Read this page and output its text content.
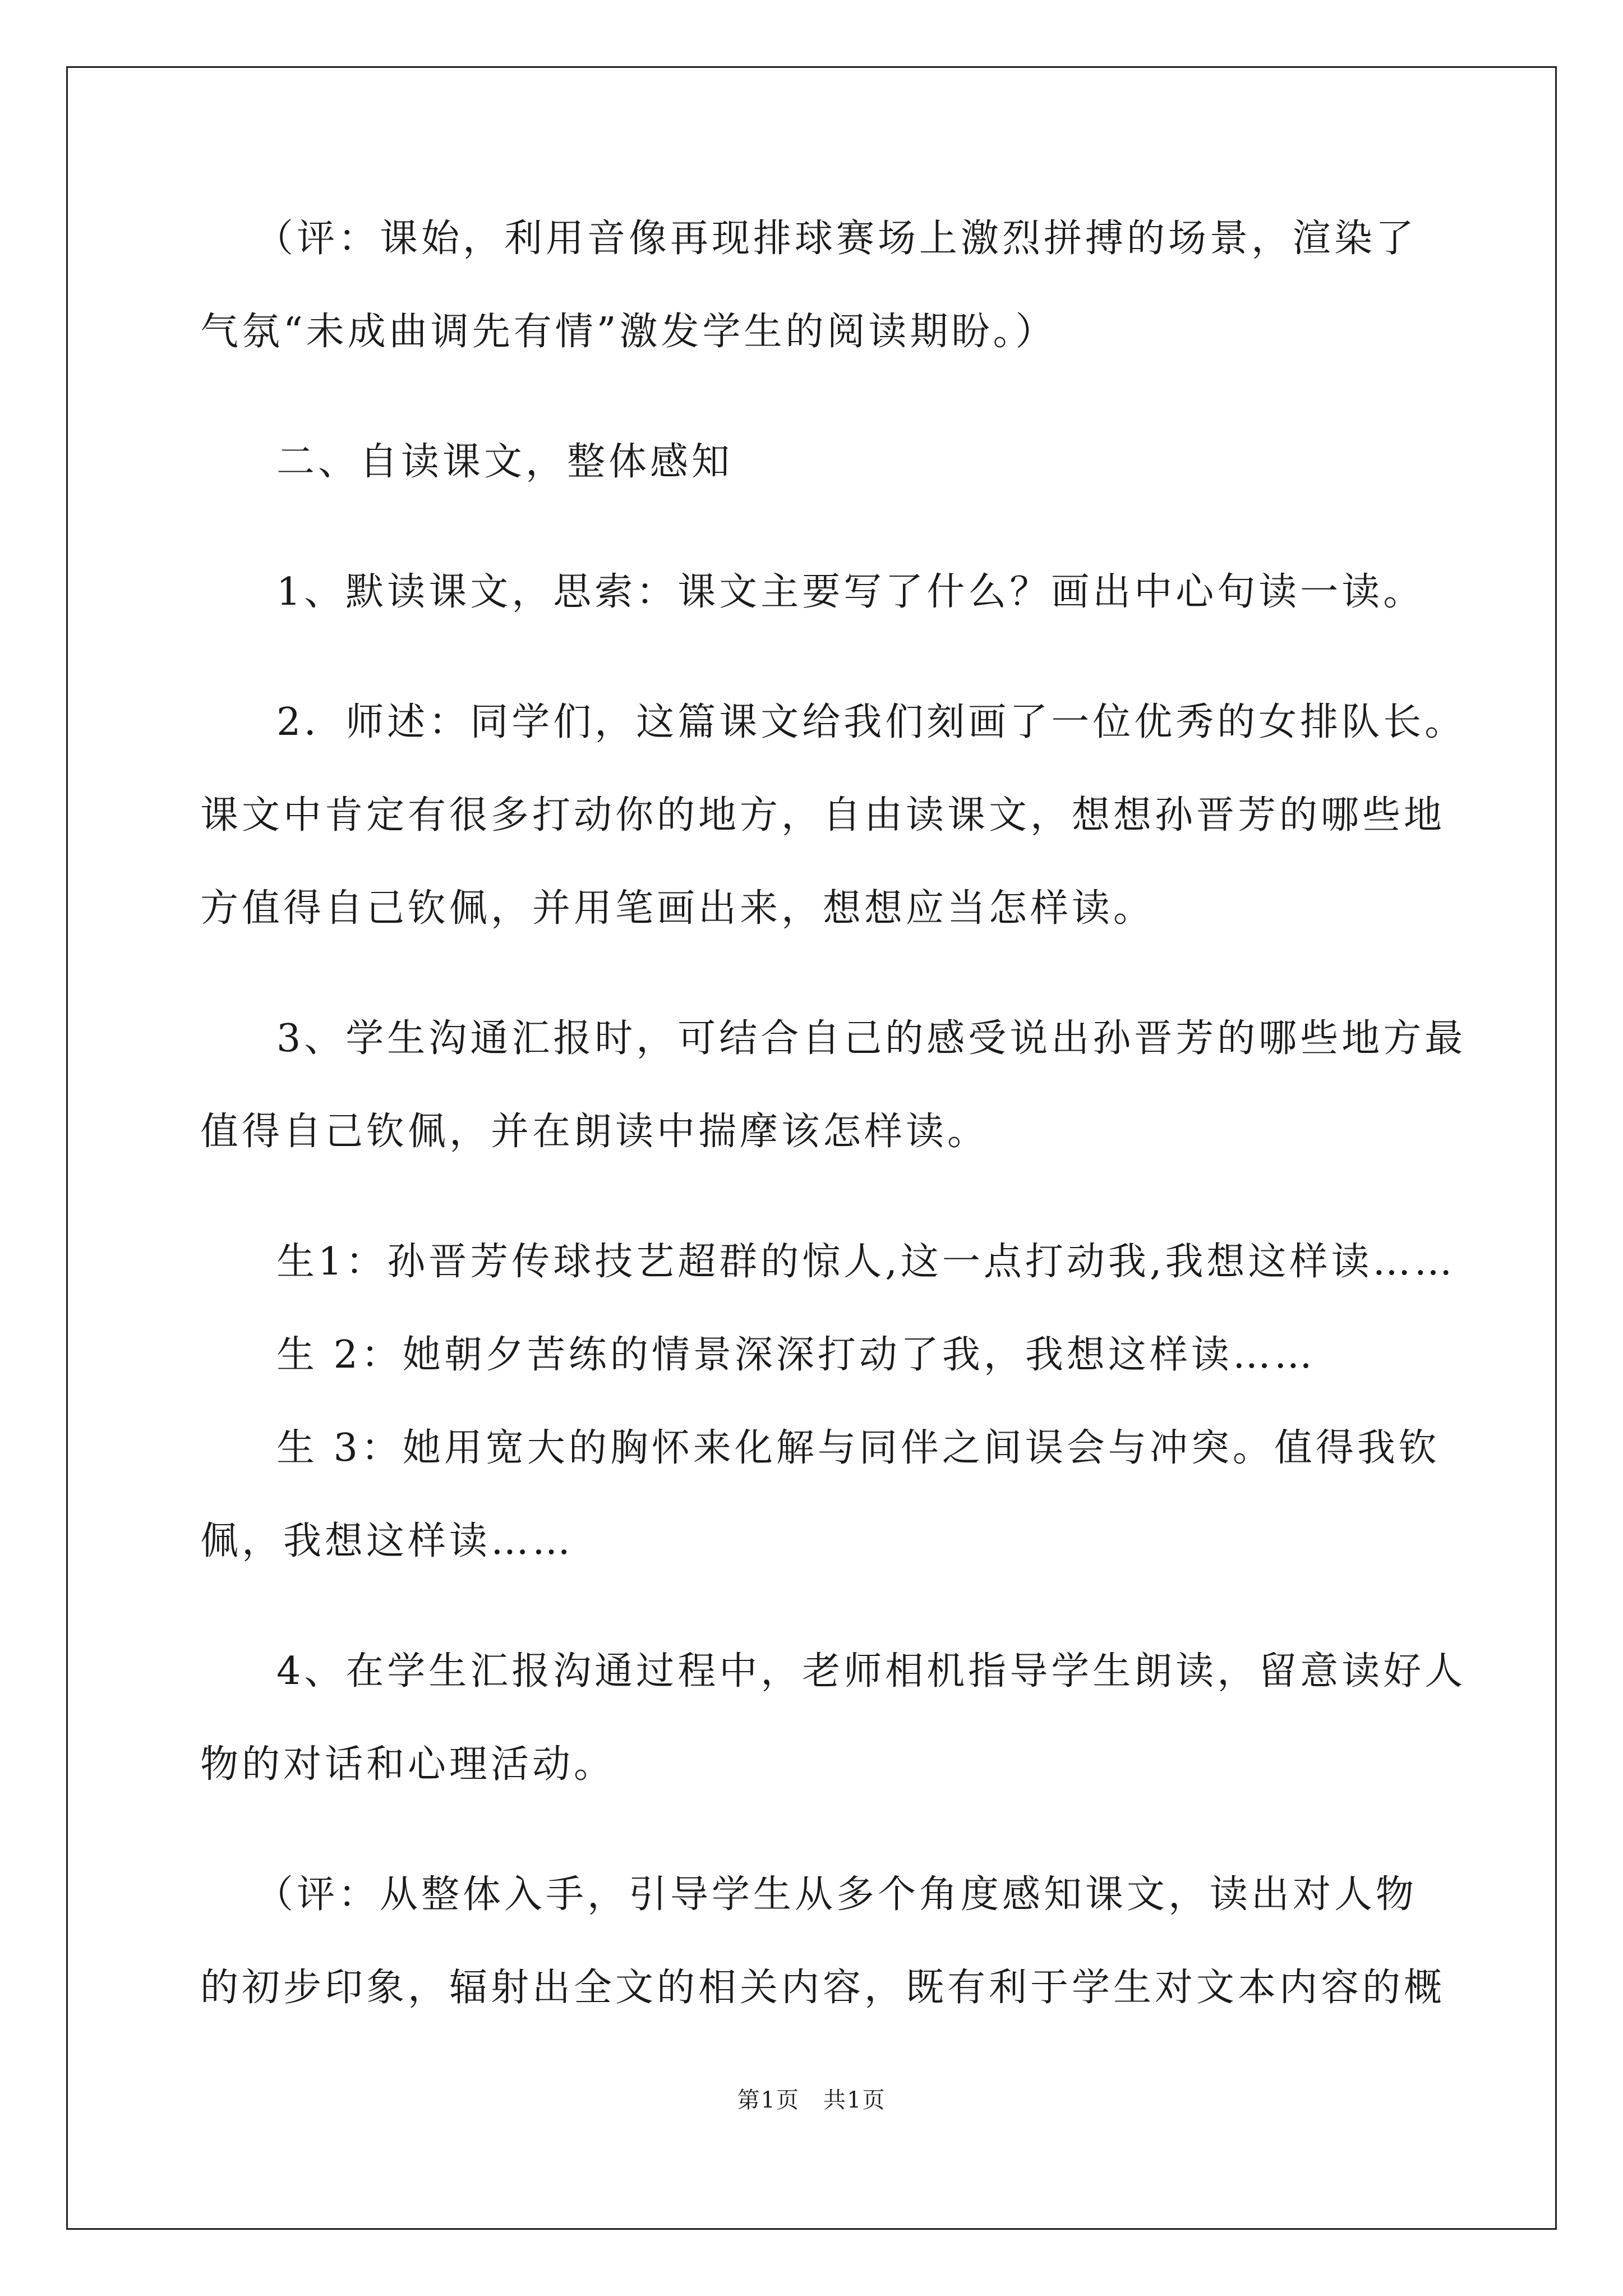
（评：课始，利用音像再现排球赛场上激烈拼搏的场景，渲染了
气氛“未成曲调先有情”激发学生的阅读期盼。）
二、自读课文，整体感知
1、默读课文，思索：课文主要写了什么？画出中心句读一读。
2．师述：同学们，这篇课文给我们刻画了一位优秀的女排队长。
课文中肯定有很多打动你的地方，自由读课文，想想孙晋芳的哪些地
方值得自己钦佩，并用笔画出来，想想应当怎样读。
3、学生沟通汇报时，可结合自己的感受说出孙晋芳的哪些地方最
值得自己钦佩，并在朗读中揣摩该怎样读。
生1：孙晋芳传球技艺超群的惊人,这一点打动我,我想这样读……
生 2：她朝夕苦练的情景深深打动了我，我想这样读……
生 3：她用宽大的胸怀来化解与同伴之间误会与冲突。值得我钦
佩，我想这样读……
4、在学生汇报沟通过程中，老师相机指导学生朗读，留意读好人
物的对话和心理活动。
（评：从整体入手，引导学生从多个角度感知课文，读出对人物
的初步印象，辐射出全文的相关内容，既有利于学生对文本内容的概
第1页　共1页
